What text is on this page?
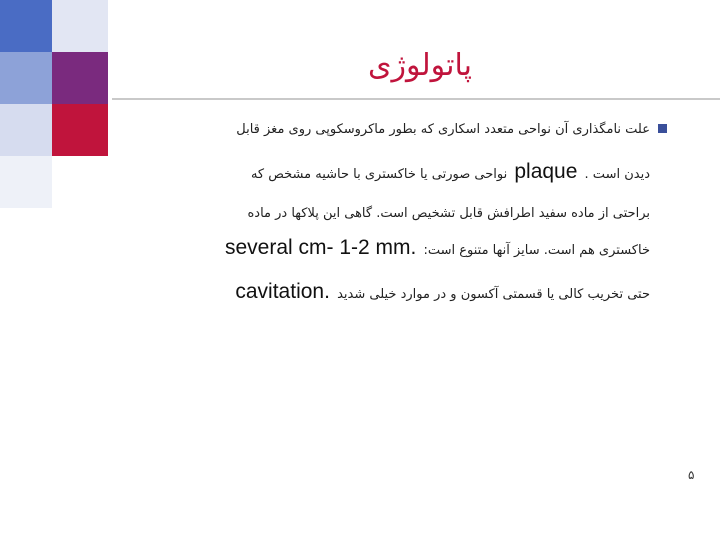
پاتولوژی
علت نامگذاری آن نواحی متعدد اسکاری که بطور ماکروسکوپی روی مغز قابل
دیدن است . plaque نواحی صورتی یا خاکستری با حاشیه مشخص که
براحتی از ماده سفید اطرافش قابل تشخیص است. گاهی این پلاکها در ماده
خاکستری هم است. سایز آنها متنوع است: several cm- 1-2 mm.
حتی تخریب کالی یا قسمتی آکسون و در موارد خیلی شدید cavitation.
۵
